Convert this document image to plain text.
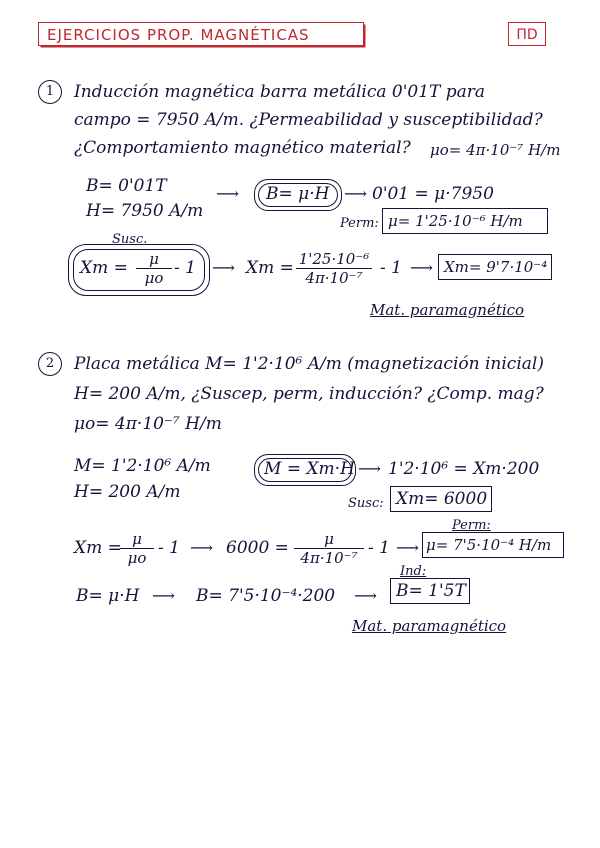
EJERCICIOS PROP. MAGNÉTICAS	ΠD
1	Inducción magnética barra metálica 0'01T para
campo = 7950 A/m. ¿Permeabilidad y susceptibilidad?
¿Comportamiento magnético material? μo= 4π·10⁻⁷ H/m
B= 0'01T
H= 7950 A/m
⟶ B= μ·H ⟶ 0'01 = μ·7950
Perm: μ= 1'25·10⁻⁶ H/m
Susc.
$Xm = \frac{\mu}{\mu o} - 1$ ⟶ $Xm = \frac{\text{1'25·10⁻⁶}}{\text{4π·10⁻⁷}} - 1$ ⟶ Xm= 9'7·10⁻⁴
Mat. paramagnético
2	Placa metálica M= 1'2·10⁶ A/m (magnetización inicial)
H= 200 A/m, ¿Suscep, perm, inducción? ¿Comp. mag?
μo= 4π·10⁻⁷ H/m
M= 1'2·10⁶ A/m
H= 200 A/m
M = Xm·H ⟶ 1'2·10⁶ = Xm·200
Susc: Xm= 6000
Xm =
$\frac{\mu}{\mu o} - 1$ ⟶ $6000 = \frac{\mu}{\text{4π·10⁻⁷}} - 1$ ⟶
Perm:
μ= 7'5·10⁻⁴ H/m
B= μ·H ⟶ B= 7'5·10⁻⁴·200 ⟶
Ind:
B= 1'5T
Mat. paramagnético
